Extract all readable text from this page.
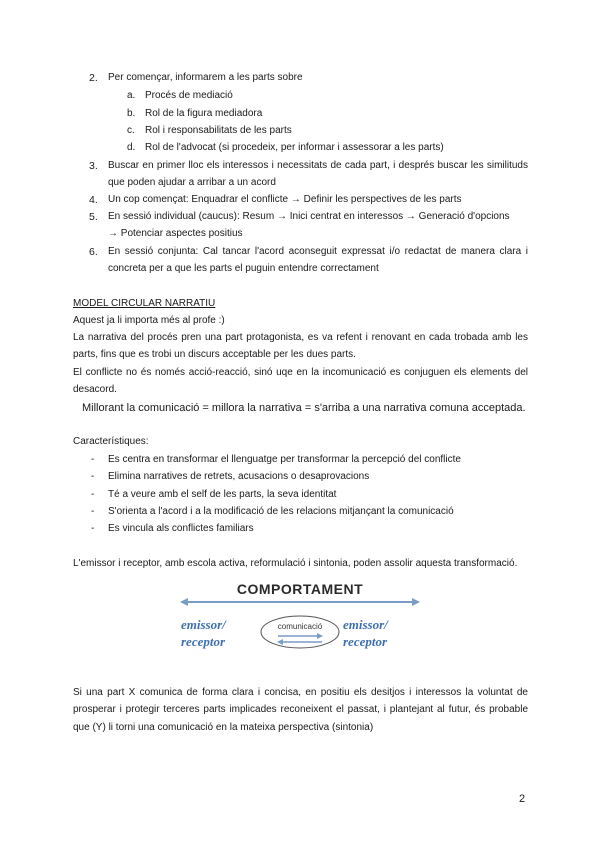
2. Per començar, informarem a les parts sobre
a. Procés de mediació
b. Rol de la figura mediadora
c. Rol i responsabilitats de les parts
d. Rol de l'advocat (si procedeix, per informar i assessorar a les parts)
3. Buscar en primer lloc els interessos i necessitats de cada part, i després buscar les similituds
que poden ajudar a arribar a un acord
4. Un cop començat: Enquadrar el conflicte → Definir les perspectives de les parts
5. En sessió individual (caucus): Resum → Inici centrat en interessos → Generació d'opcions
→ Potenciar aspectes positius
6. En sessió conjunta: Cal tancar l'acord aconseguit expressat i/o redactat de manera clara i
concreta per a que les parts el puguin entendre correctament
MODEL CIRCULAR NARRATIU
Aquest ja li importa més al profe :)
La narrativa del procés pren una part protagonista, es va refent i renovant en cada trobada amb les
parts, fins que es trobi un discurs acceptable per les dues parts.
El conflicte no és només acció-reacció, sinó uqe en la incomunicació es conjuguen els elements del
desacord.
Millorant la comunicació = millora la narrativa = s'arriba a una narrativa comuna acceptada.
Característiques:
- Es centra en transformar el llenguatge per transformar la percepció del conflicte
- Elimina narratives de retrets, acusacions o desaprovacions
- Té a veure amb el self de les parts, la seva identitat
- S'orienta a l'acord i a la modificació de les relacions mitjançant la comunicació
- Es vincula als conflictes familiars
L'emissor i receptor, amb escola activa, reformulació i sintonia, poden assolir aquesta transformació.
COMPORTAMENT
emissor/
receptor
emissor/
receptor
comunicació
Si una part X comunica de forma clara i concisa, en positiu els desitjos i interessos la voluntat de
prosperar i protegir terceres parts implicades reconeixent el passat, i plantejant al futur, és probable
que (Y) li torni una comunicació en la mateixa perspectiva (sintonia)
2
